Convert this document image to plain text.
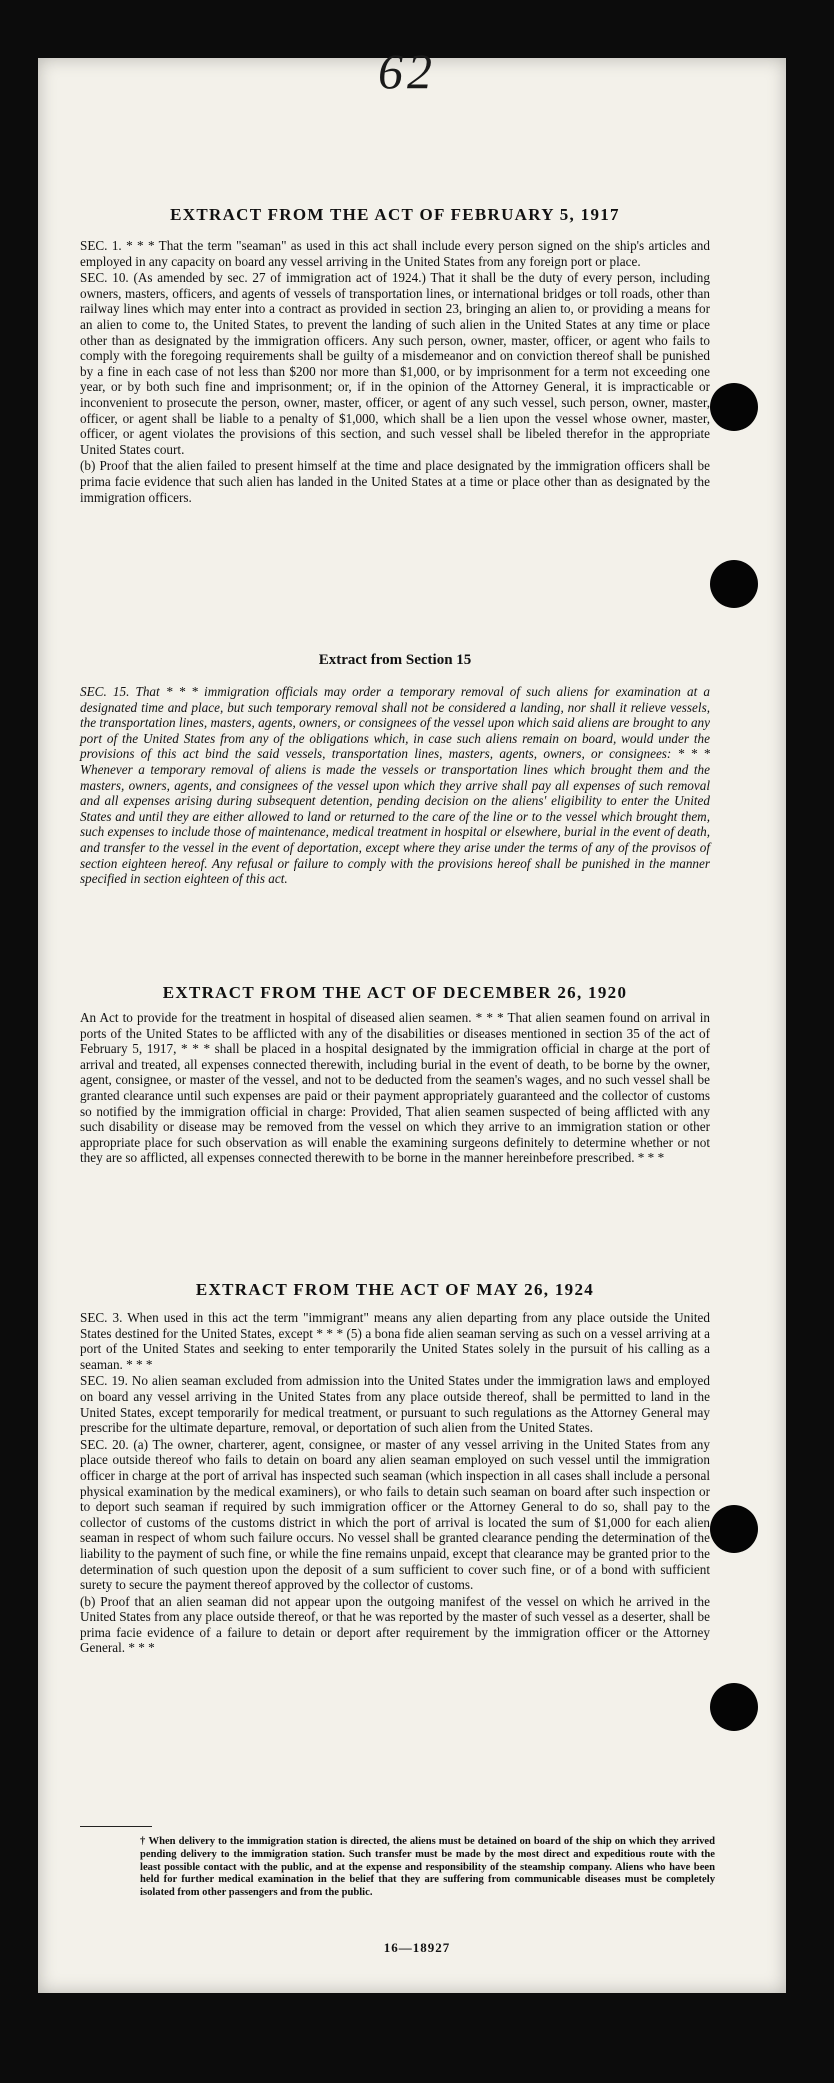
62
EXTRACT FROM THE ACT OF FEBRUARY 5, 1917

SEC. 1. * * * That the term "seaman" as used in this act shall include every person signed on the ship's articles and employed in any capacity on board any vessel arriving in the United States from any foreign port or place.

SEC. 10. (As amended by sec. 27 of immigration act of 1924.) That it shall be the duty of every person, including owners, masters, officers, and agents of vessels of transportation lines, or international bridges or toll roads, other than railway lines which may enter into a contract as provided in section 23, bringing an alien to, or providing a means for an alien to come to, the United States, to prevent the landing of such alien in the United States at any time or place other than as designated by the immigration officers. Any such person, owner, master, officer, or agent who fails to comply with the foregoing requirements shall be guilty of a misdemeanor and on conviction thereof shall be punished by a fine in each case of not less than $200 nor more than $1,000, or by imprisonment for a term not exceeding one year, or by both such fine and imprisonment; or, if in the opinion of the Attorney General, it is impracticable or inconvenient to prosecute the person, owner, master, officer, or agent of any such vessel, such person, owner, master, officer, or agent shall be liable to a penalty of $1,000, which shall be a lien upon the vessel whose owner, master, officer, or agent violates the provisions of this section, and such vessel shall be libeled therefor in the appropriate United States court.

(b) Proof that the alien failed to present himself at the time and place designated by the immigration officers shall be prima facie evidence that such alien has landed in the United States at a time or place other than as designated by the immigration officers.

Extract from Section 15

SEC. 15. That * * * immigration officials may order a temporary removal of such aliens for examination at a designated time and place, but such temporary removal shall not be considered a landing, nor shall it relieve vessels, the transportation lines, masters, agents, owners, or consignees of the vessel upon which said aliens are brought to any port of the United States from any of the obligations which, in case such aliens remain on board, would under the provisions of this act bind the said vessels, transportation lines, masters, agents, owners, or consignees: * * * Whenever a temporary removal of aliens is made the vessels or transportation lines which brought them and the masters, owners, agents, and consignees of the vessel upon which they arrive shall pay all expenses of such removal and all expenses arising during subsequent detention, pending decision on the aliens' eligibility to enter the United States and until they are either allowed to land or returned to the care of the line or to the vessel which brought them, such expenses to include those of maintenance, medical treatment in hospital or elsewhere, burial in the event of death, and transfer to the vessel in the event of deportation, except where they arise under the terms of any of the provisos of section eighteen hereof. Any refusal or failure to comply with the provisions hereof shall be punished in the manner specified in section eighteen of this act.

EXTRACT FROM THE ACT OF DECEMBER 26, 1920

An Act to provide for the treatment in hospital of diseased alien seamen. * * * That alien seamen found on arrival in ports of the United States to be afflicted with any of the disabilities or diseases mentioned in section 35 of the act of February 5, 1917, * * * shall be placed in a hospital designated by the immigration official in charge at the port of arrival and treated, all expenses connected therewith, including burial in the event of death, to be borne by the owner, agent, consignee, or master of the vessel, and not to be deducted from the seamen's wages, and no such vessel shall be granted clearance until such expenses are paid or their payment appropriately guaranteed and the collector of customs so notified by the immigration official in charge: Provided, That alien seamen suspected of being afflicted with any such disability or disease may be removed from the vessel on which they arrive to an immigration station or other appropriate place for such observation as will enable the examining surgeons definitely to determine whether or not they are so afflicted, all expenses connected therewith to be borne in the manner hereinbefore prescribed. * * *

EXTRACT FROM THE ACT OF MAY 26, 1924

SEC. 3. When used in this act the term "immigrant" means any alien departing from any place outside the United States destined for the United States, except * * * (5) a bona fide alien seaman serving as such on a vessel arriving at a port of the United States and seeking to enter temporarily the United States solely in the pursuit of his calling as a seaman. * * *

SEC. 19. No alien seaman excluded from admission into the United States under the immigration laws and employed on board any vessel arriving in the United States from any place outside thereof, shall be permitted to land in the United States, except temporarily for medical treatment, or pursuant to such regulations as the Attorney General may prescribe for the ultimate departure, removal, or deportation of such alien from the United States.

SEC. 20. (a) The owner, charterer, agent, consignee, or master of any vessel arriving in the United States from any place outside thereof who fails to detain on board any alien seaman employed on such vessel until the immigration officer in charge at the port of arrival has inspected such seaman (which inspection in all cases shall include a personal physical examination by the medical examiners), or who fails to detain such seaman on board after such inspection or to deport such seaman if required by such immigration officer or the Attorney General to do so, shall pay to the collector of customs of the customs district in which the port of arrival is located the sum of $1,000 for each alien seaman in respect of whom such failure occurs. No vessel shall be granted clearance pending the determination of the liability to the payment of such fine, or while the fine remains unpaid, except that clearance may be granted prior to the determination of such question upon the deposit of a sum sufficient to cover such fine, or of a bond with sufficient surety to secure the payment thereof approved by the collector of customs.

(b) Proof that an alien seaman did not appear upon the outgoing manifest of the vessel on which he arrived in the United States from any place outside thereof, or that he was reported by the master of such vessel as a deserter, shall be prima facie evidence of a failure to detain or deport after requirement by the immigration officer or the Attorney General. * * *

† When delivery to the immigration station is directed, the aliens must be detained on board of the ship on which they arrived pending delivery to the immigration station. Such transfer must be made by the most direct and expeditious route with the least possible contact with the public, and at the expense and responsibility of the steamship company. Aliens who have been held for further medical examination in the belief that they are suffering from communicable diseases must be completely isolated from other passengers and from the public.

16—18927
